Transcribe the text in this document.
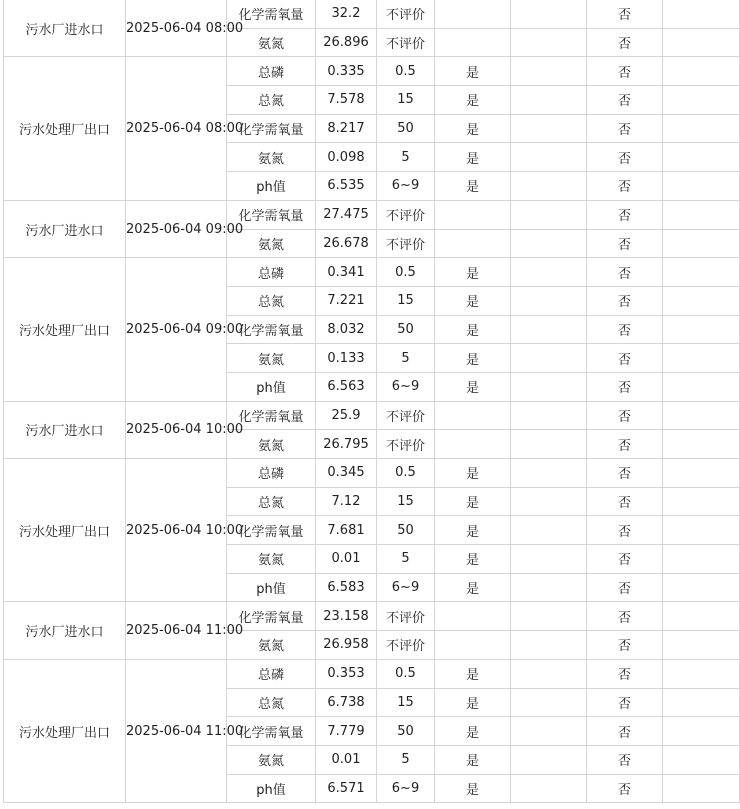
污水厂进水口	2025-06-04 08:00	化学需氧量	32.2	不评价			否	
		氨氮	26.896	不评价			否	
污水处理厂出口	2025-06-04 08:00	总磷	0.335	0.5	是		否	
		总氮	7.578	15	是		否	
		化学需氧量	8.217	50	是		否	
		氨氮	0.098	5	是		否	
		ph值	6.535	6~9	是		否	
污水厂进水口	2025-06-04 09:00	化学需氧量	27.475	不评价			否	
		氨氮	26.678	不评价			否	
污水处理厂出口	2025-06-04 09:00	总磷	0.341	0.5	是		否	
		总氮	7.221	15	是		否	
		化学需氧量	8.032	50	是		否	
		氨氮	0.133	5	是		否	
		ph值	6.563	6~9	是		否	
污水厂进水口	2025-06-04 10:00	化学需氧量	25.9	不评价			否	
		氨氮	26.795	不评价			否	
污水处理厂出口	2025-06-04 10:00	总磷	0.345	0.5	是		否	
		总氮	7.12	15	是		否	
		化学需氧量	7.681	50	是		否	
		氨氮	0.01	5	是		否	
		ph值	6.583	6~9	是		否	
污水厂进水口	2025-06-04 11:00	化学需氧量	23.158	不评价			否	
		氨氮	26.958	不评价			否	
污水处理厂出口	2025-06-04 11:00	总磷	0.353	0.5	是		否	
		总氮	6.738	15	是		否	
		化学需氧量	7.779	50	是		否	
		氨氮	0.01	5	是		否	
		ph值	6.571	6~9	是		否	
